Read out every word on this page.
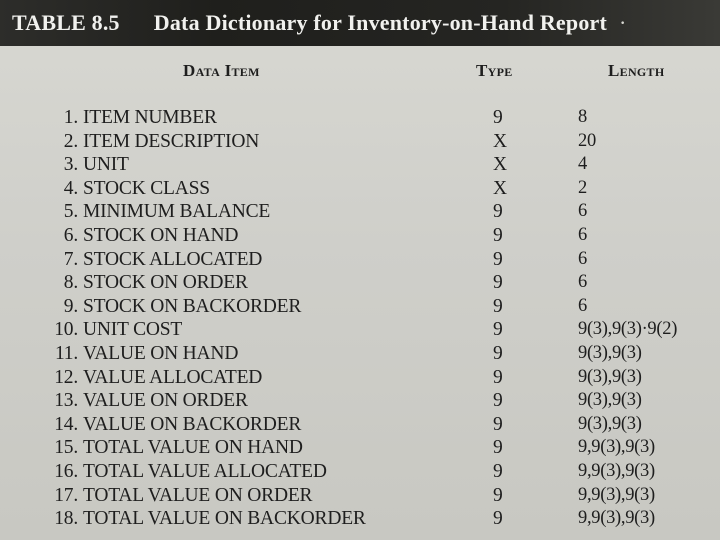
TABLE 8.5 Data Dictionary for Inventory-on-Hand Report ·
Data Item	Type	Length
1. ITEM NUMBER	9	8
2. ITEM DESCRIPTION	X	20
3. UNIT	X	4
4. STOCK CLASS	X	2
5. MINIMUM BALANCE	9	6
6. STOCK ON HAND	9	6
7. STOCK ALLOCATED	9	6
8. STOCK ON ORDER	9	6
9. STOCK ON BACKORDER	9	6
10. UNIT COST	9	9(3),9(3)·9(2)
11. VALUE ON HAND	9	9(3),9(3)
12. VALUE ALLOCATED	9	9(3),9(3)
13. VALUE ON ORDER	9	9(3),9(3)
14. VALUE ON BACKORDER	9	9(3),9(3)
15. TOTAL VALUE ON HAND	9	9,9(3),9(3)
16. TOTAL VALUE ALLOCATED	9	9,9(3),9(3)
17. TOTAL VALUE ON ORDER	9	9,9(3),9(3)
18. TOTAL VALUE ON BACKORDER	9	9,9(3),9(3)
